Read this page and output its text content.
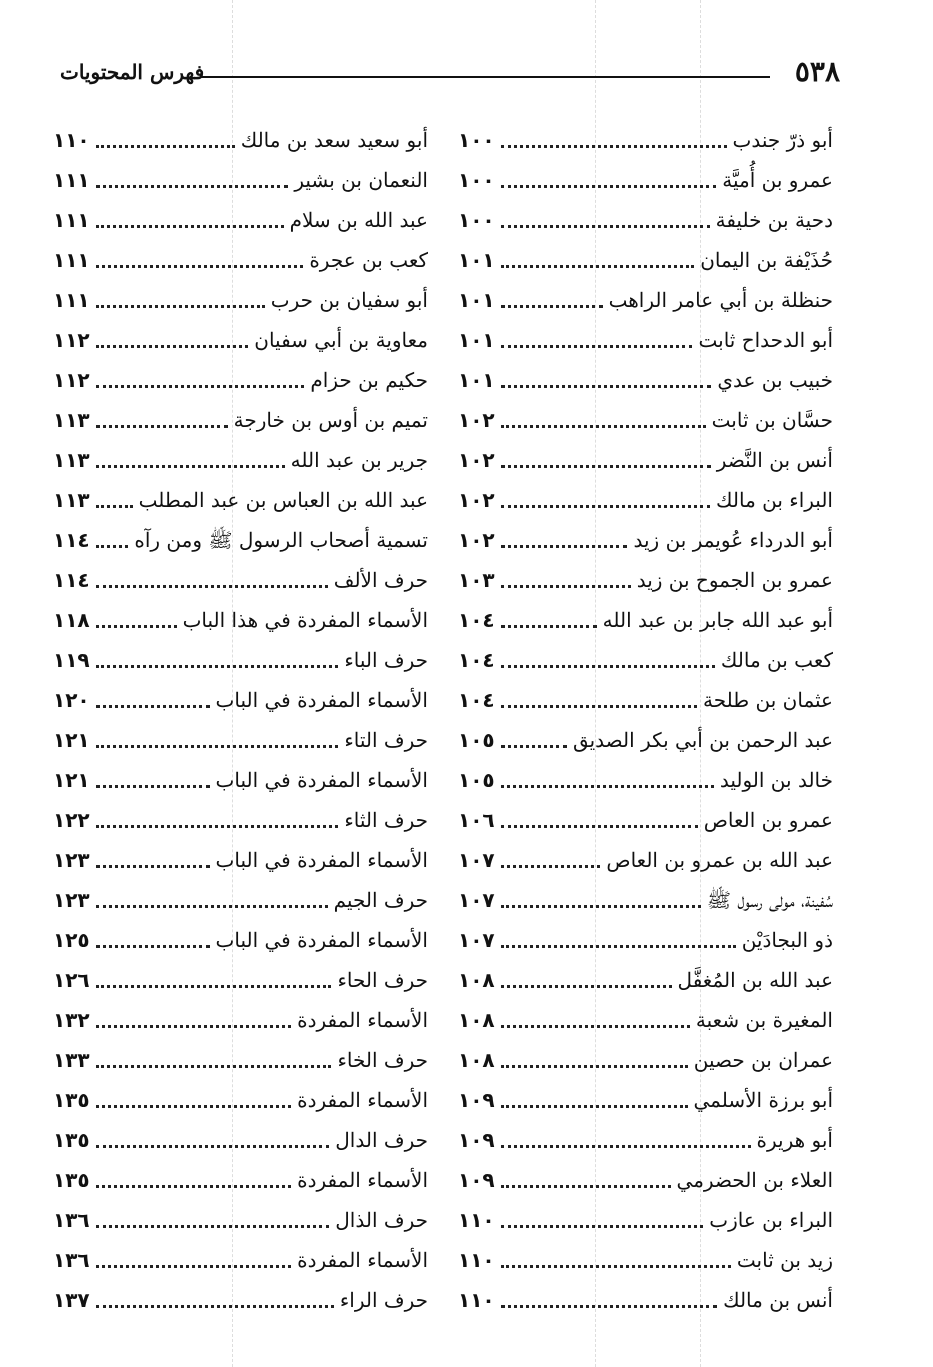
٥٣٨
فهرس المحتويات
أبو ذرّ جندب
١٠٠
عمرو بن أُميَّة
١٠٠
دحية بن خليفة
١٠٠
حُذَيْفة بن اليمان
١٠١
حنظلة بن أبي عامر الراهب
١٠١
أبو الدحداح ثابت
١٠١
خبيب بن عدي
١٠١
حسَّان بن ثابت
١٠٢
أنس بن النَّضر
١٠٢
البراء بن مالك
١٠٢
أبو الدرداء عُويمر بن زيد
١٠٢
عمرو بن الجموح بن زيد
١٠٣
أبو عبد الله جابر بن عبد الله
١٠٤
كعب بن مالك
١٠٤
عثمان بن طلحة
١٠٤
عبد الرحمن بن أبي بكر الصديق
١٠٥
خالد بن الوليد
١٠٥
عمرو بن العاص
١٠٦
عبد الله بن عمرو بن العاص
١٠٧
سُفينة، مولى رسول ﷺ
١٠٧
ذو البجادَيْن
١٠٧
عبد الله بن المُغفَّل
١٠٨
المغيرة بن شعبة
١٠٨
عمران بن حصين
١٠٨
أبو برزة الأسلمي
١٠٩
أبو هريرة
١٠٩
العلاء بن الحضرمي
١٠٩
البراء بن عازب
١١٠
زيد بن ثابت
١١٠
أنس بن مالك
١١٠
أبو سعيد سعد بن مالك
١١٠
النعمان بن بشير
١١١
عبد الله بن سلام
١١١
كعب بن عجرة
١١١
أبو سفيان بن حرب
١١١
معاوية بن أبي سفيان
١١٢
حكيم بن حزام
١١٢
تميم بن أوس بن خارجة
١١٣
جرير بن عبد الله
١١٣
عبد الله بن العباس بن عبد المطلب
١١٣
تسمية أصحاب الرسول ﷺ ومن رآه
١١٤
حرف الألف
١١٤
الأسماء المفردة في هذا الباب
١١٨
حرف الباء
١١٩
الأسماء المفردة في الباب
١٢٠
حرف التاء
١٢١
الأسماء المفردة في الباب
١٢١
حرف الثاء
١٢٢
الأسماء المفردة في الباب
١٢٣
حرف الجيم
١٢٣
الأسماء المفردة في الباب
١٢٥
حرف الحاء
١٢٦
الأسماء المفردة
١٣٢
حرف الخاء
١٣٣
الأسماء المفردة
١٣٥
حرف الدال
١٣٥
الأسماء المفردة
١٣٥
حرف الذال
١٣٦
الأسماء المفردة
١٣٦
حرف الراء
١٣٧
